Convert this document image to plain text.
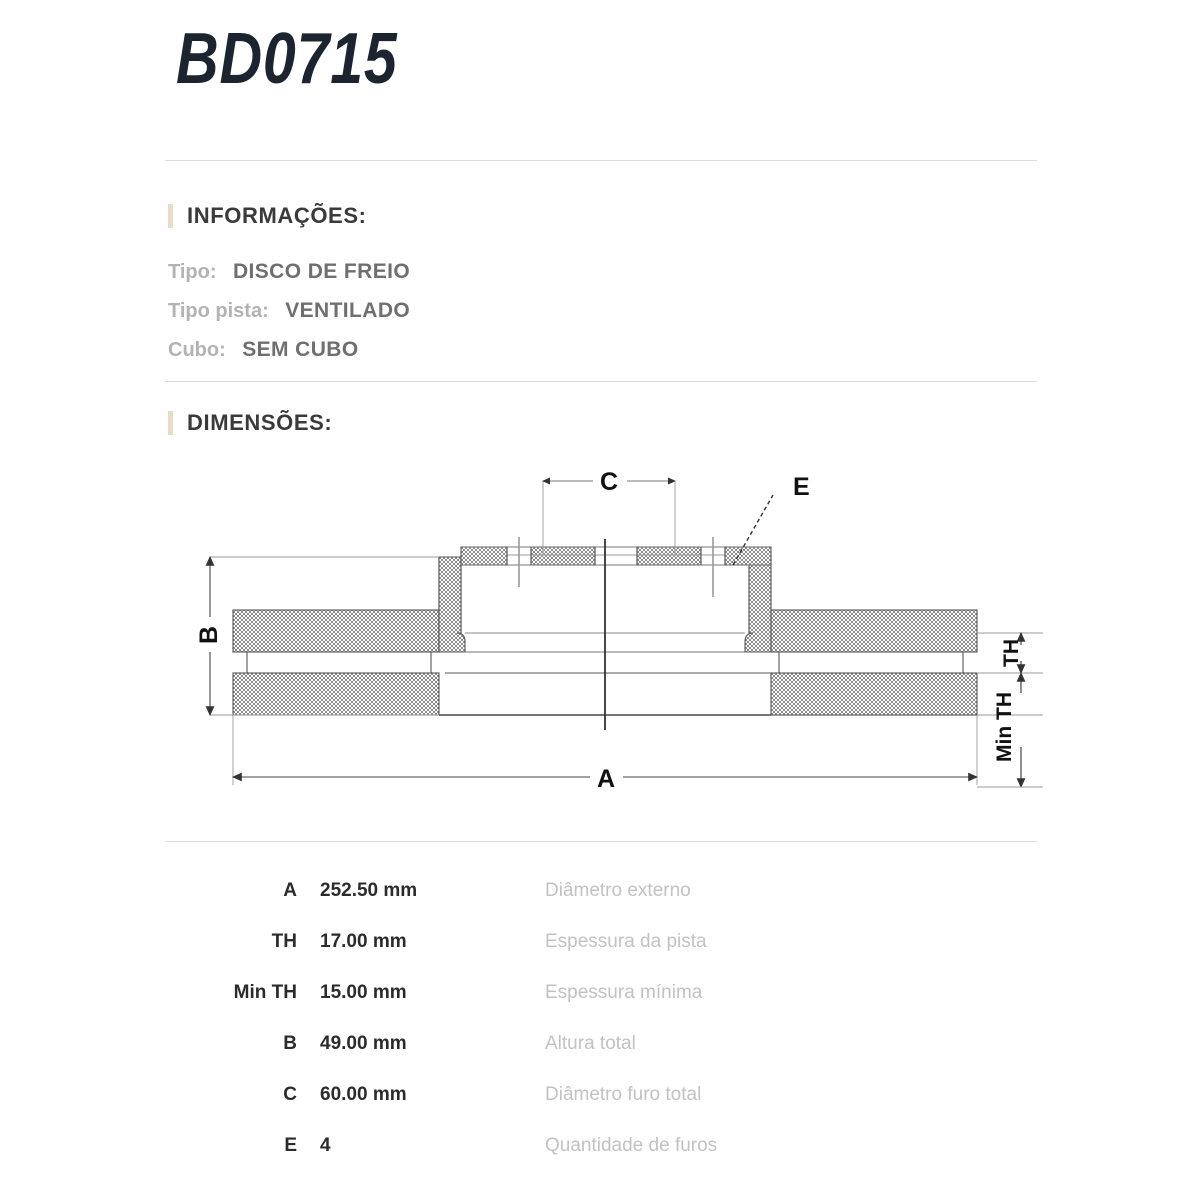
BD0715
INFORMAÇÕES:
Tipo: DISCO DE FREIO
Tipo pista: VENTILADO
Cubo: SEM CUBO
DIMENSÕES:
B
A
C	E
TH
Min TH
A 252.50 mm	Diâmetro externo
TH 17.00 mm	Espessura da pista
Min TH 15.00 mm	Espessura mínima
B 49.00 mm	Altura total
C 60.00 mm	Diâmetro furo total
E 4	Quantidade de furos
